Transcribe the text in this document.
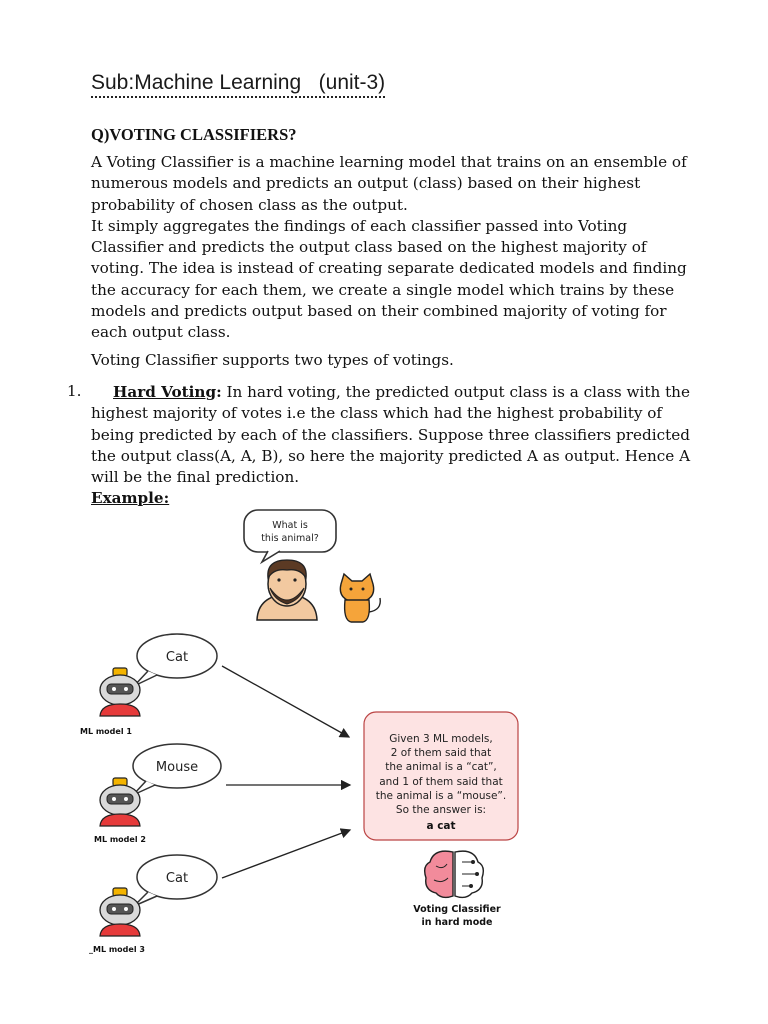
Sub:Machine Learning   (unit-3)
Q)VOTING CLASSIFIERS?
A Voting Classifier is a machine learning model that trains on an ensemble of numerous models and predicts an output (class) based on their highest probability of chosen class as the output.
It simply aggregates the findings of each classifier passed into Voting Classifier and predicts the output class based on the highest majority of voting. The idea is instead of creating separate dedicated models and finding the accuracy for each them, we create a single model which trains by these models and predicts output based on their combined majority of voting for each output class.
Voting Classifier supports two types of votings.
1.	Hard Voting: In hard voting, the predicted output class is a class with the highest majority of votes i.e the class which had the highest probability of being predicted by each of the classifiers. Suppose three classifiers predicted the output class(A, A, B), so here the majority predicted A as output. Hence A will be the final prediction.
Example:
What is
this animal?
Cat
Mouse
Cat
ML model 1
ML model 2
_ML model 3
Given 3 ML models,
2 of them said that
the animal is a “cat”,
and 1 of them said that
the animal is a “mouse”.
So the answer is:
a cat
Voting Classifier
in hard mode
